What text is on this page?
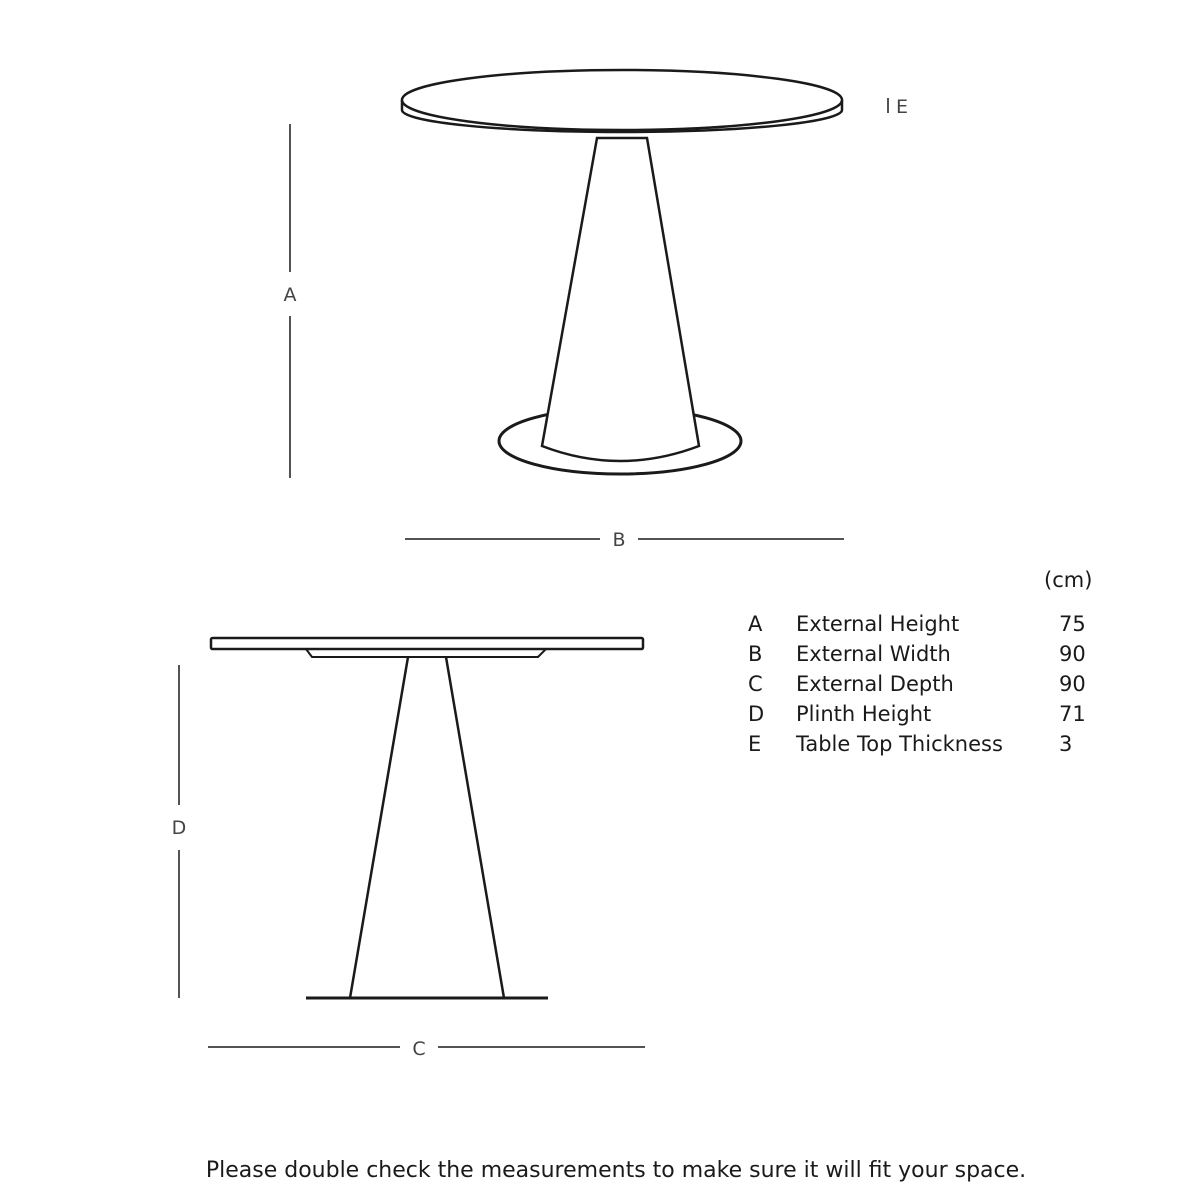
A
B
E
D
C
(cm)
A External Height	75
B External Width	90
C External Depth	90
D Plinth Height	71
E Table Top Thickness	3
Please double check the measurements to make sure it will fit your space.
